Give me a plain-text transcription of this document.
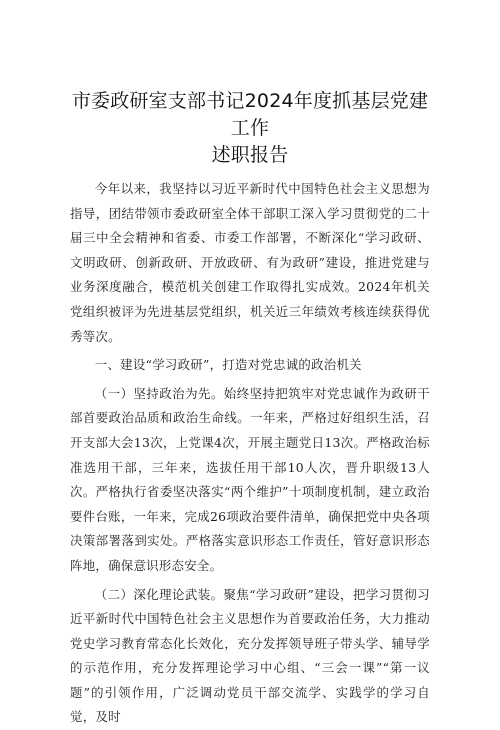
市委政研室支部书记2024年度抓基层党建工作
述职报告

今年以来，我坚持以习近平新时代中国特色社会主义思想为指导，团结带领市委政研室全体干部职工深入学习贯彻党的二十届三中全会精神和省委、市委工作部署，不断深化“学习政研、文明政研、创新政研、开放政研、有为政研”建设，推进党建与业务深度融合，模范机关创建工作取得扎实成效。2024年机关党组织被评为先进基层党组织，机关近三年绩效考核连续获得优秀等次。

一、建设“学习政研”，打造对党忠诚的政治机关

（一）坚持政治为先。始终坚持把筑牢对党忠诚作为政研干部首要政治品质和政治生命线。一年来，严格过好组织生活，召开支部大会13次，上党课4次，开展主题党日13次。严格政治标准选用干部，三年来，选拔任用干部10人次，晋升职级13人次。严格执行省委坚决落实“两个维护”十项制度机制，建立政治要件台账，一年来，完成26项政治要件清单，确保把党中央各项决策部署落到实处。严格落实意识形态工作责任，管好意识形态阵地，确保意识形态安全。

（二）深化理论武装。聚焦“学习政研”建设，把学习贯彻习近平新时代中国特色社会主义思想作为首要政治任务，大力推动党史学习教育常态化长效化，充分发挥领导班子带头学、辅导学的示范作用，充分发挥理论学习中心组、“三会一课”“第一议题”的引领作用，广泛调动党员干部交流学、实践学的学习自觉，及时
